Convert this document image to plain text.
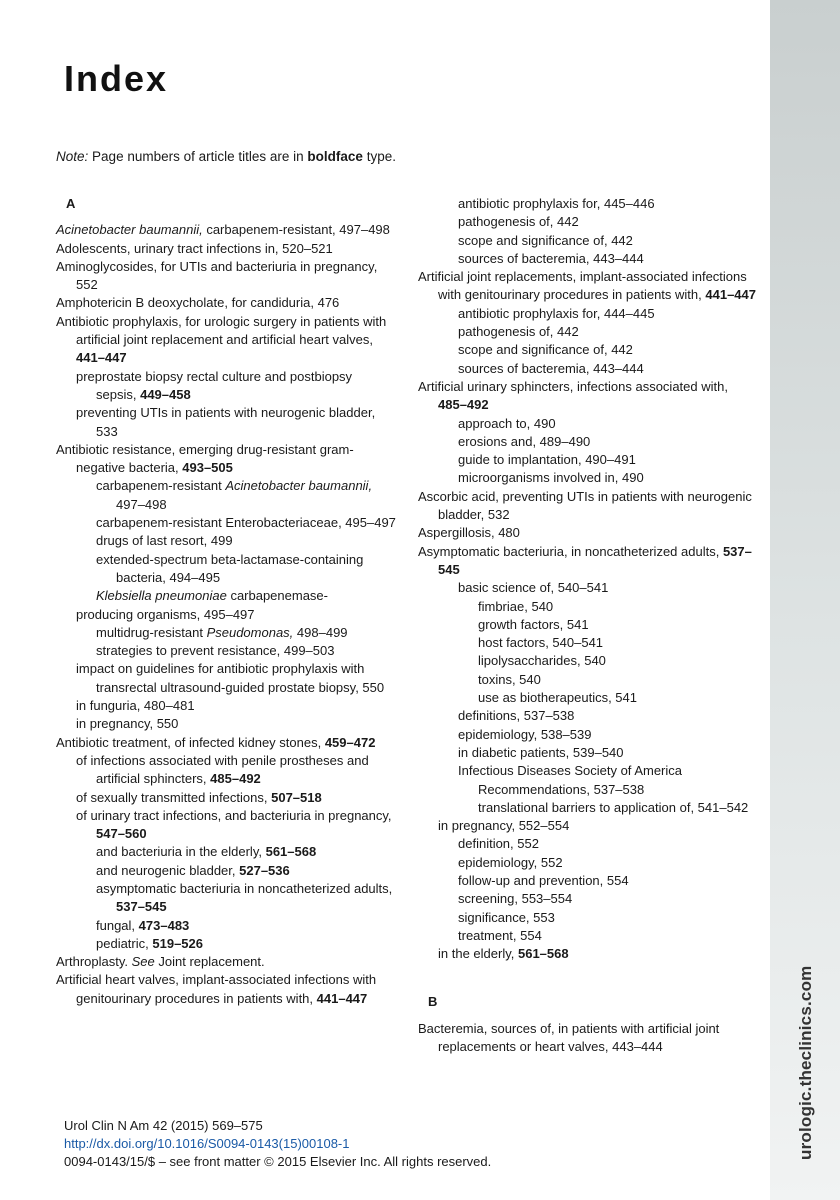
urologic.theclinics.com
Index

Note: Page numbers of article titles are in boldface type.

A
Acinetobacter baumannii, carbapenem-resistant, 497–498
Adolescents, urinary tract infections in, 520–521
Aminoglycosides, for UTIs and bacteriuria in pregnancy, 552
Amphotericin B deoxycholate, for candiduria, 476
Antibiotic prophylaxis, for urologic surgery in patients with artificial joint replacement and artificial heart valves, 441–447
preprostate biopsy rectal culture and postbiopsy sepsis, 449–458
preventing UTIs in patients with neurogenic bladder, 533
Antibiotic resistance, emerging drug-resistant gram-negative bacteria, 493–505
carbapenem-resistant Acinetobacter baumannii, 497–498
carbapenem-resistant Enterobacteriaceae, 495–497
drugs of last resort, 499
extended-spectrum beta-lactamase-containing bacteria, 494–495
Klebsiella pneumoniae carbapenemase-
producing organisms, 495–497
multidrug-resistant Pseudomonas, 498–499
strategies to prevent resistance, 499–503
impact on guidelines for antibiotic prophylaxis with transrectal ultrasound-guided prostate biopsy, 550
in funguria, 480–481
in pregnancy, 550
Antibiotic treatment, of infected kidney stones, 459–472
of infections associated with penile prostheses and artificial sphincters, 485–492
of sexually transmitted infections, 507–518
of urinary tract infections, and bacteriuria in pregnancy, 547–560
and bacteriuria in the elderly, 561–568
and neurogenic bladder, 527–536
asymptomatic bacteriuria in noncatheterized adults, 537–545
fungal, 473–483
pediatric, 519–526
Arthroplasty. See Joint replacement.
Artificial heart valves, implant-associated infections with genitourinary procedures in patients with, 441–447
antibiotic prophylaxis for, 445–446
pathogenesis of, 442
scope and significance of, 442
sources of bacteremia, 443–444
Artificial joint replacements, implant-associated infections with genitourinary procedures in patients with, 441–447
antibiotic prophylaxis for, 444–445
pathogenesis of, 442
scope and significance of, 442
sources of bacteremia, 443–444
Artificial urinary sphincters, infections associated with, 485–492
approach to, 490
erosions and, 489–490
guide to implantation, 490–491
microorganisms involved in, 490
Ascorbic acid, preventing UTIs in patients with neurogenic bladder, 532
Aspergillosis, 480
Asymptomatic bacteriuria, in noncatheterized adults, 537–545
basic science of, 540–541
fimbriae, 540
growth factors, 541
host factors, 540–541
lipolysaccharides, 540
toxins, 540
use as biotherapeutics, 541
definitions, 537–538
epidemiology, 538–539
in diabetic patients, 539–540
Infectious Diseases Society of America Recommendations, 537–538
translational barriers to application of, 541–542
in pregnancy, 552–554
definition, 552
epidemiology, 552
follow-up and prevention, 554
screening, 553–554
significance, 553
treatment, 554
in the elderly, 561–568
B
Bacteremia, sources of, in patients with artificial joint replacements or heart valves, 443–444
Urol Clin N Am 42 (2015) 569–575
http://dx.doi.org/10.1016/S0094-0143(15)00108-1
0094-0143/15/$ – see front matter © 2015 Elsevier Inc. All rights reserved.
